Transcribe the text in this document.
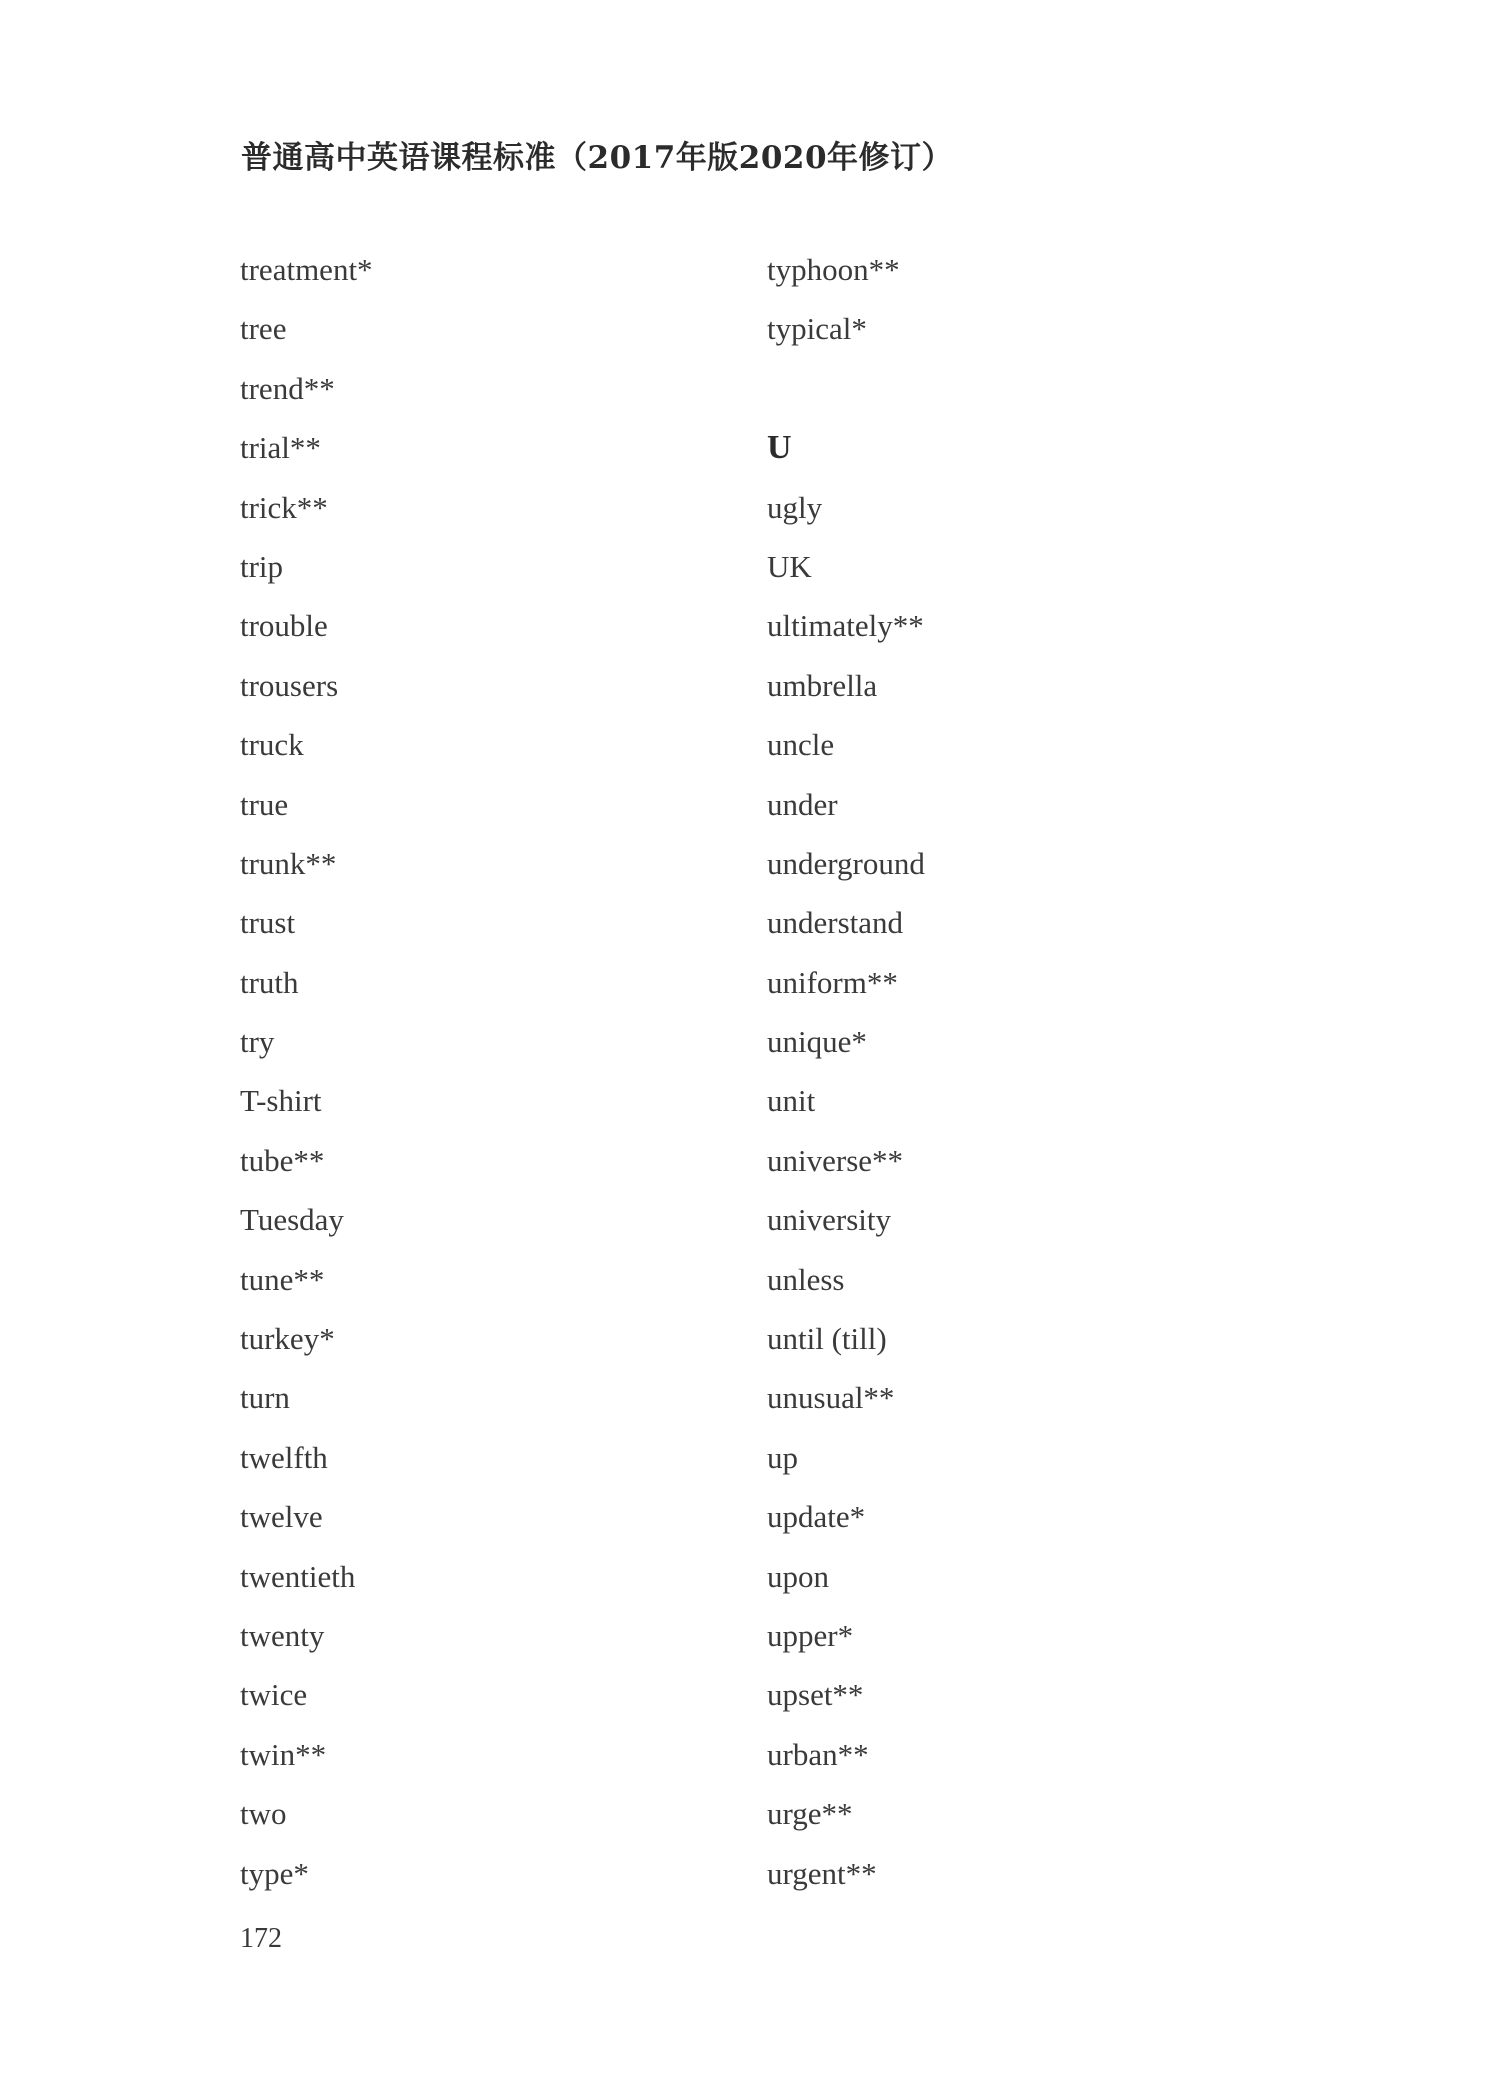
普通高中英语课程标准（2017年版2020年修订）
treatment*
tree
trend**
trial**
trick**
trip
trouble
trousers
truck
true
trunk**
trust
truth
try
T-shirt
tube**
Tuesday
tune**
turkey*
turn
twelfth
twelve
twentieth
twenty
twice
twin**
two
type*
typhoon**
typical*
U
ugly
UK
ultimately**
umbrella
uncle
under
underground
understand
uniform**
unique*
unit
universe**
university
unless
until (till)
unusual**
up
update*
upon
upper*
upset**
urban**
urge**
urgent**
172
